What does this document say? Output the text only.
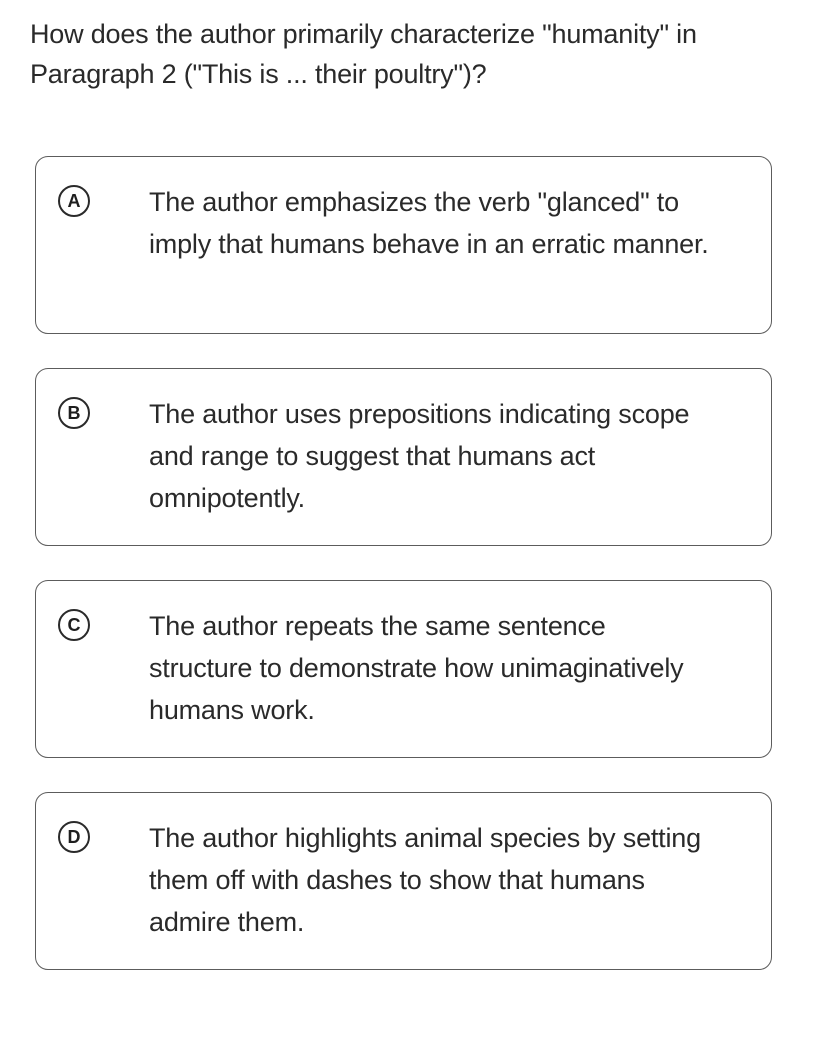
How does the author primarily characterize "humanity" in Paragraph 2 ("This is ... their poultry")?
A	The author emphasizes the verb "glanced" to imply that humans behave in an erratic manner.
B	The author uses prepositions indicating scope and range to suggest that humans act omnipotently.
C	The author repeats the same sentence structure to demonstrate how unimaginatively humans work.
D	The author highlights animal species by setting them off with dashes to show that humans admire them.
